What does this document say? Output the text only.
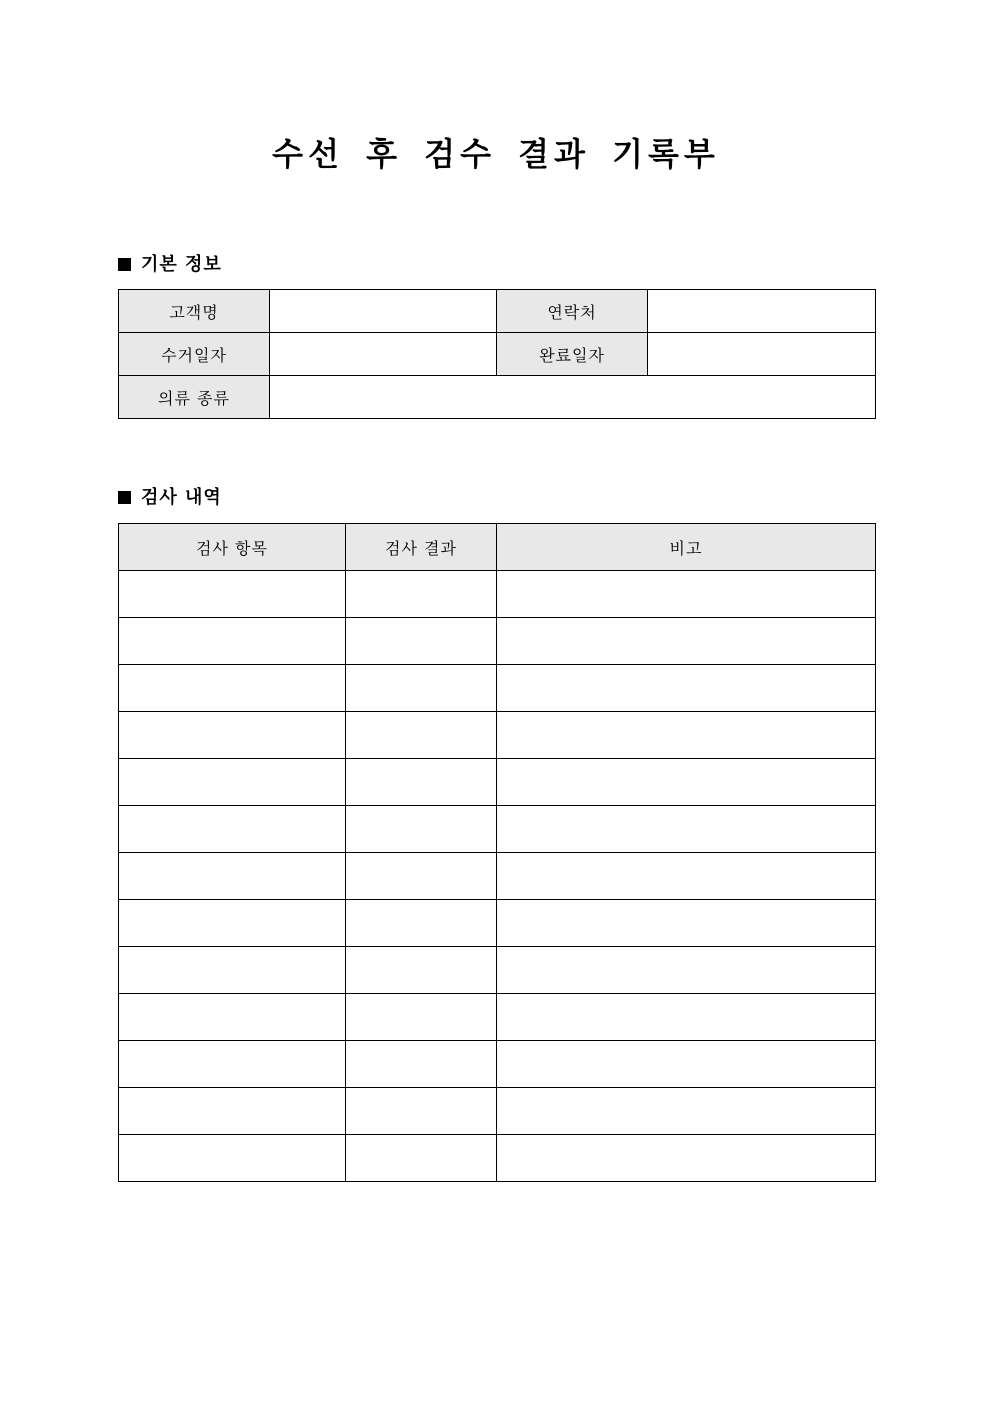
수선 후 검수 결과 기록부
기본 정보
고객명		연락처	
수거일자		완료일자	
의류 종류			
검사 내역
검사 항목	검사 결과	비고
